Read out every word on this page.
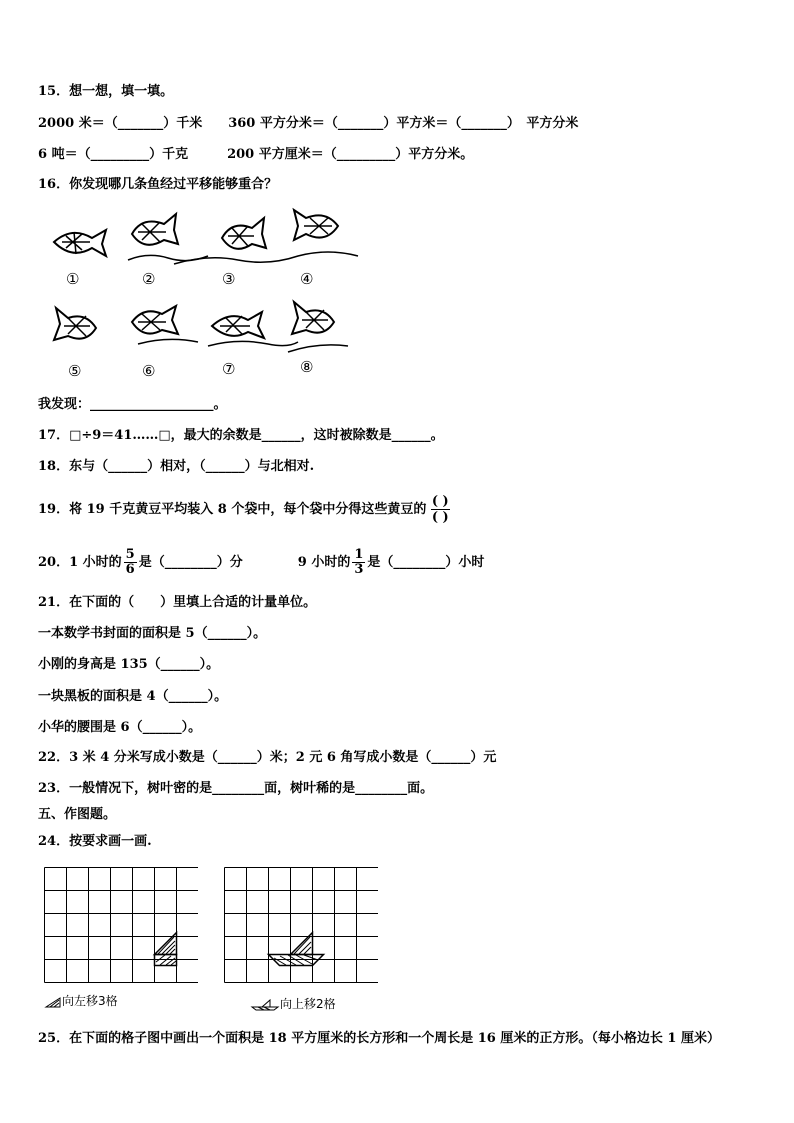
15．想一想，填一填。
2000 米＝（_______）千米　　360 平方分米＝（_______）平方米＝（_______）　平方分米
6 吨＝（_________）千克　　　200 平方厘米＝（_________）平方分米。
16．你发现哪几条鱼经过平移能够重合？
①	②	③	④
⑤	⑥	⑦	⑧
我发现：___________________。
17．□÷9＝41……□，最大的余数是______，这时被除数是______。
18．东与（______）相对，（______）与北相对.
19．将 19 千克黄豆平均装入 8 个袋中，每个袋中分得这些黄豆的
( )
( )
20．1 小时的 $\frac{5}{6}$ 是（________）分	9 小时的 $\frac{1}{3}$ 是（________）小时
21．在下面的（　　）里填上合适的计量单位。
一本数学书封面的面积是 5（______）。
小刚的身高是 135（______）。
一块黑板的面积是 4（______）。
小华的腰围是 6（______）。
22．3 米 4 分米写成小数是（______）米；2 元 6 角写成小数是（______）元
23．一般情况下，树叶密的是________面，树叶稀的是________面。
五、作图题。
24．按要求画一画.
向左移3格	向上移2格
25．在下面的格子图中画出一个面积是 18 平方厘米的长方形和一个周长是 16 厘米的正方形。（每小格边长 1 厘米）
